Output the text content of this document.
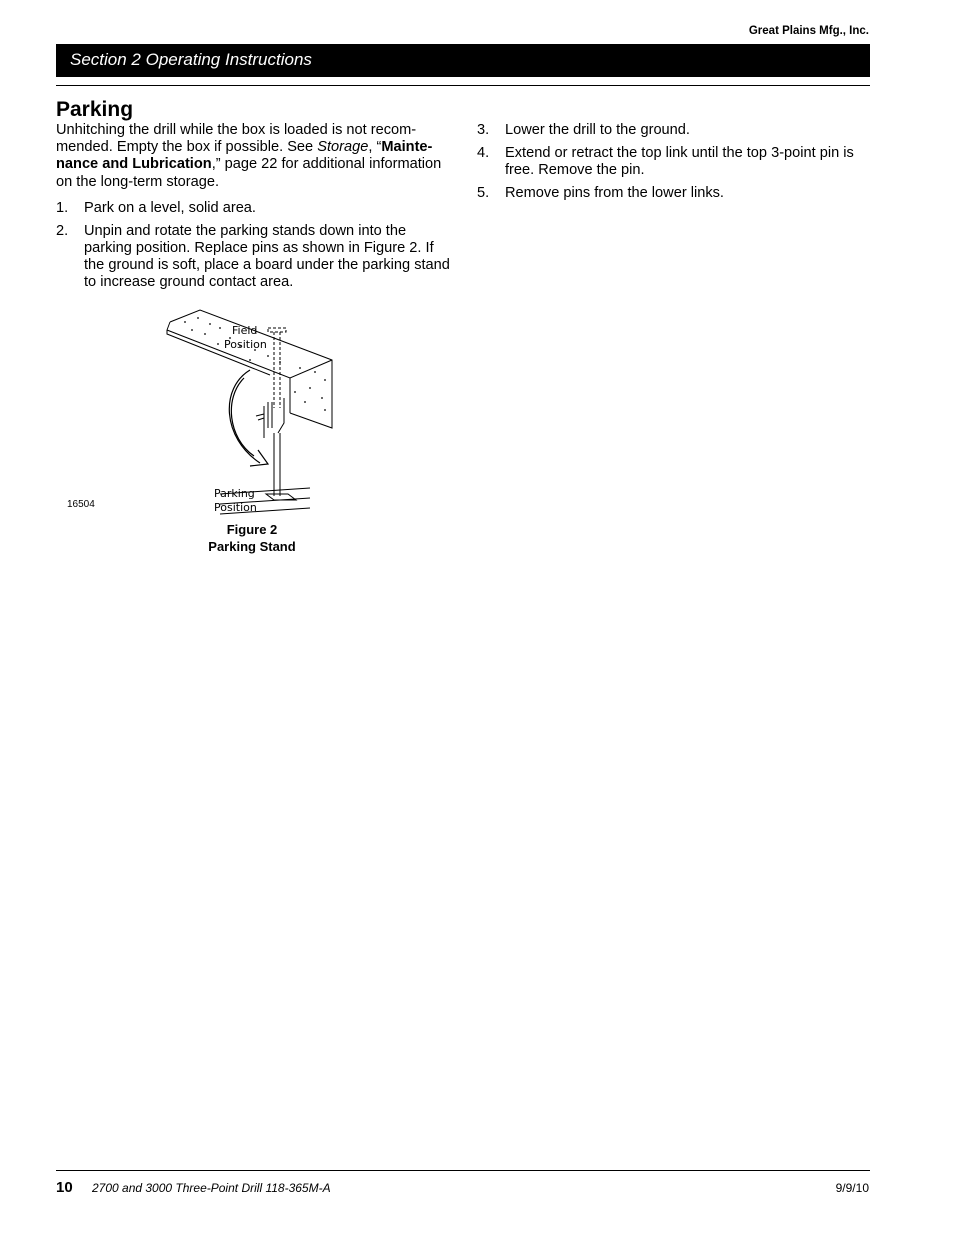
Great Plains Mfg., Inc.
Section 2 Operating Instructions
Parking

Unhitching the drill while the box is loaded is not recom-mended. Empty the box if possible. See Storage, “Mainte-nance and Lubrication,” page 22 for additional information on the long-term storage.

1. Park on a level, solid area.
2. Unpin and rotate the parking stands down into the parking position. Replace pins as shown in Figure 2. If the ground is soft, place a board under the parking stand to increase ground contact area.
3. Lower the drill to the ground.
4. Extend or retract the top link until the top 3-point pin is free. Remove the pin.
5. Remove pins from the lower links.
Field
Position
Parking
Position
16504
Figure 2
Parking Stand
10 2700 and 3000 Three-Point Drill 118-365M-A	9/9/10
